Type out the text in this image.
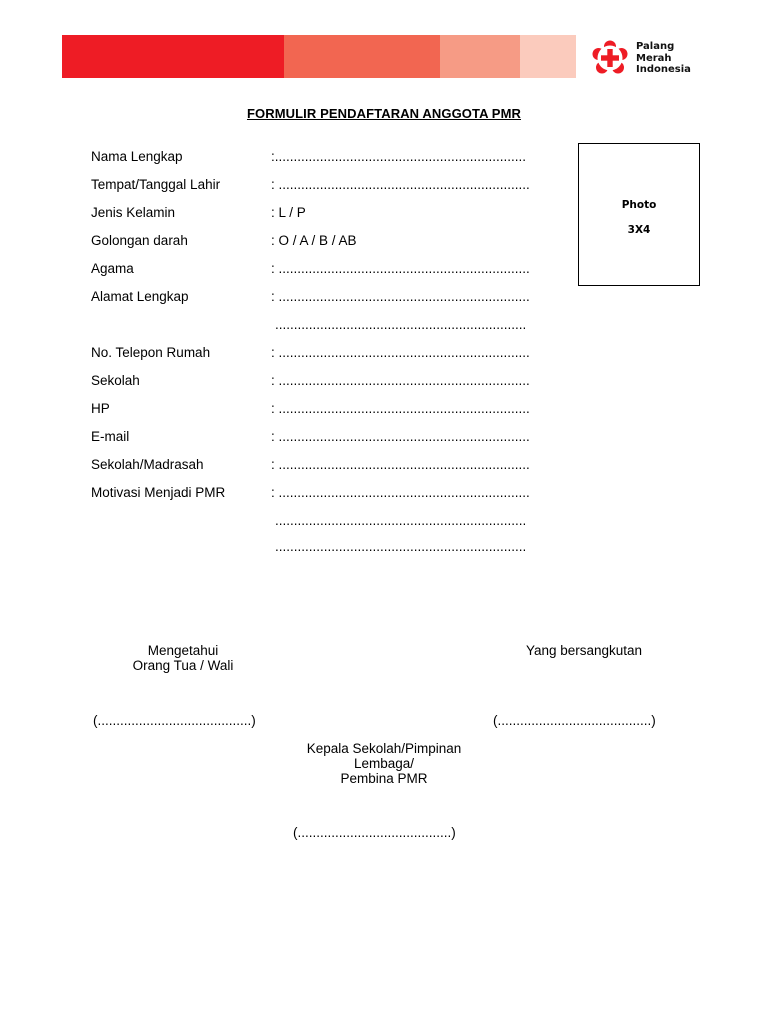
Palang
Merah
Indonesia
FORMULIR PENDAFTARAN ANGGOTA PMR
Nama Lengkap	:...................................................................
Tempat/Tanggal Lahir	: ...................................................................
Jenis Kelamin	: L / P
Golongan darah	: O / A / B / AB
Agama	: ...................................................................
Alamat Lengkap	: ...................................................................
...................................................................
No. Telepon Rumah	: ...................................................................
Sekolah	: ...................................................................
HP	: ...................................................................
E-mail	: ...................................................................
Sekolah/Madrasah	: ...................................................................
Motivasi Menjadi PMR	: ...................................................................
...................................................................
...................................................................
Photo
3X4
Mengetahui
Orang Tua / Wali
Yang bersangkutan
(.........................................)	(.........................................)
Kepala Sekolah/Pimpinan
Lembaga/
Pembina PMR
(.........................................)
